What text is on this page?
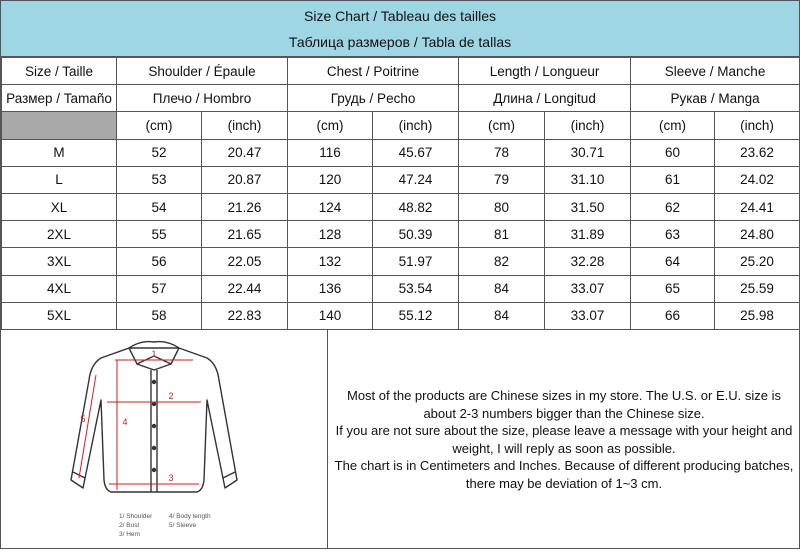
Size Chart / Tableau des tailles
Таблица размеров / Tabla de tallas
Size / Taille	Shoulder / Épaule		Chest / Poitrine		Length / Longueur		Sleeve / Manche	
Размер / Tamaño	Плечо / Hombro		Грудь / Pecho		Длина / Longitud		Рукав / Manga	
	(cm)	(inch)	(cm)	(inch)	(cm)	(inch)	(cm)	(inch)
M	52	20.47	116	45.67	78	30.71	60	23.62
L	53	20.87	120	47.24	79	31.10	61	24.02
XL	54	21.26	124	48.82	80	31.50	62	24.41
2XL	55	21.65	128	50.39	81	31.89	63	24.80
3XL	56	22.05	132	51.97	82	32.28	64	25.20
4XL	57	22.44	136	53.54	84	33.07	65	25.59
5XL	58	22.83	140	55.12	84	33.07	66	25.98
1
2
3
4
5
1/ Shoulder	4/ Body length
2/ Bust	5/ Sleeve
3/ Hem

Most of the products are Chinese sizes in my store. The U.S. or E.U. size is
about 2-3 numbers bigger than the Chinese size.
If you are not sure about the size, please leave a message with your height and
weight, I will reply as soon as possible.
The chart is in Centimeters and Inches. Because of different producing batches,
there may be deviation of 1~3 cm.
